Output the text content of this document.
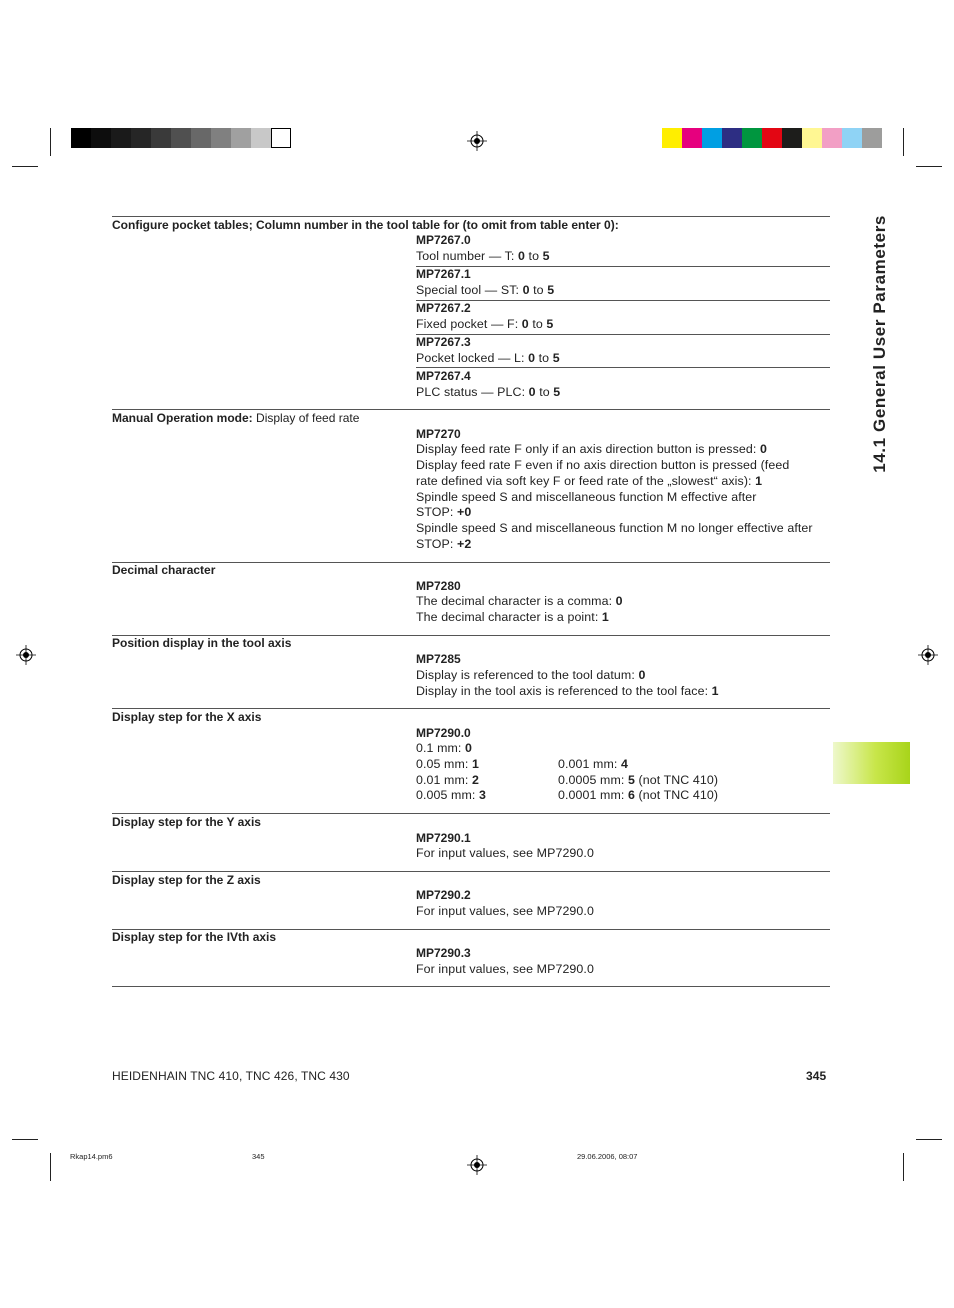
14.1 General User Parameters
Configure pocket tables; Column number in the tool table for (to omit from table enter 0):
MP7267.0
Tool number — T: 0 to 5
MP7267.1
Special tool — ST: 0 to 5
MP7267.2
Fixed pocket — F: 0 to 5
MP7267.3
Pocket locked — L: 0 to 5
MP7267.4
PLC status — PLC: 0 to 5
Manual Operation mode: Display of feed rate
MP7270
Display feed rate F only if an axis direction button is pressed: 0
Display feed rate F even if no axis direction button is pressed (feed
rate defined via soft key F or feed rate of the „slowest“ axis): 1
Spindle speed S and miscellaneous function M effective after
STOP: +0
Spindle speed S and miscellaneous function M no longer effective after
STOP: +2
Decimal character
MP7280
The decimal character is a comma: 0
The decimal character is a point: 1
Position display in the tool axis
MP7285
Display is referenced to the tool datum: 0
Display in the tool axis is referenced to the tool face: 1
Display step for the X axis
MP7290.0
0.1 mm: 0
0.05 mm: 1
0.01 mm: 2
0.005 mm: 3
0.001 mm: 4
0.0005 mm: 5 (not TNC 410)
0.0001 mm: 6 (not TNC 410)
Display step for the Y axis
MP7290.1
For input values, see MP7290.0
Display step for the Z axis
MP7290.2
For input values, see MP7290.0
Display step for the IVth axis
MP7290.3
For input values, see MP7290.0
HEIDENHAIN TNC 410, TNC 426, TNC 430	345
Rkap14.pm6	345	29.06.2006, 08:07
